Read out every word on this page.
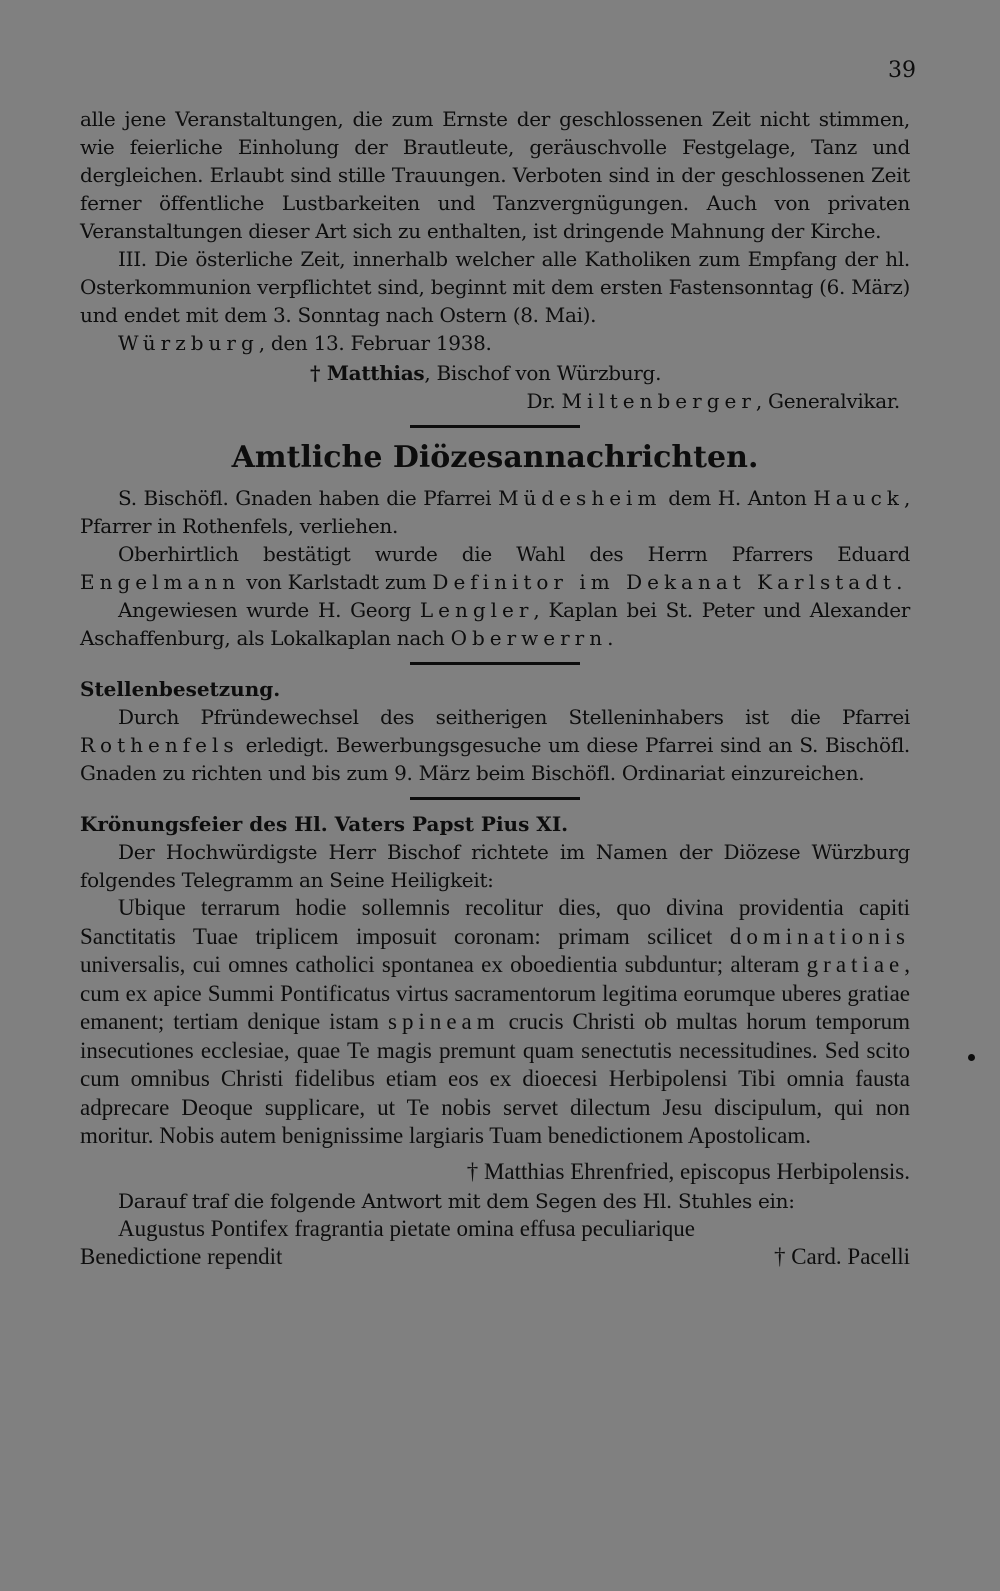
39

alle jene Veranstaltungen, die zum Ernste der geschlossenen Zeit nicht stimmen, wie feierliche Einholung der Brautleute, geräuschvolle Festgelage, Tanz und dergleichen. Erlaubt sind stille Trauungen. Verboten sind in der geschlossenen Zeit ferner öffentliche Lustbarkeiten und Tanzvergnügungen. Auch von privaten Veranstaltungen dieser Art sich zu enthalten, ist dringende Mahnung der Kirche.

III. Die österliche Zeit, innerhalb welcher alle Katholiken zum Empfang der hl. Osterkommunion verpflichtet sind, beginnt mit dem ersten Fastensonntag (6. März) und endet mit dem 3. Sonntag nach Ostern (8. Mai).

Würzburg, den 13. Februar 1938.

† Matthias, Bischof von Würzburg.

Dr. Miltenberger, Generalvikar.

Amtliche Diözesannachrichten.

S. Bischöfl. Gnaden haben die Pfarrei Müdesheim dem H. Anton Hauck, Pfarrer in Rothenfels, verliehen.

Oberhirtlich bestätigt wurde die Wahl des Herrn Pfarrers Eduard Engelmann von Karlstadt zum Definitor im Dekanat Karlstadt.

Angewiesen wurde H. Georg Lengler, Kaplan bei St. Peter und Alexander Aschaffenburg, als Lokalkaplan nach Oberwerrn.

Stellenbesetzung.

Durch Pfründewechsel des seitherigen Stelleninhabers ist die Pfarrei Rothenfels erledigt. Bewerbungsgesuche um diese Pfarrei sind an S. Bischöfl. Gnaden zu richten und bis zum 9. März beim Bischöfl. Ordinariat einzureichen.

Krönungsfeier des Hl. Vaters Papst Pius XI.

Der Hochwürdigste Herr Bischof richtete im Namen der Diözese Würzburg folgendes Telegramm an Seine Heiligkeit:

Ubique terrarum hodie sollemnis recolitur dies, quo divina providentia capiti Sanctitatis Tuae triplicem imposuit coronam: primam scilicet dominationis universalis, cui omnes catholici spontanea ex oboedientia subduntur; alteram gratiae, cum ex apice Summi Pontificatus virtus sacramentorum legitima eorumque uberes gratiae emanent; tertiam denique istam spineam crucis Christi ob multas horum temporum insecutiones ecclesiae, quae Te magis premunt quam senectutis necessitudines. Sed scito cum omnibus Christi fidelibus etiam eos ex dioecesi Herbipolensi Tibi omnia fausta adprecare Deoque supplicare, ut Te nobis servet dilectum Jesu discipulum, qui non moritur. Nobis autem benignissime largiaris Tuam benedictionem Apostolicam.

† Matthias Ehrenfried, episcopus Herbipolensis.

Darauf traf die folgende Antwort mit dem Segen des Hl. Stuhles ein:

Augustus Pontifex fragrantia pietate omina effusa peculiarique

Benedictione rependit	† Card. Pacelli
